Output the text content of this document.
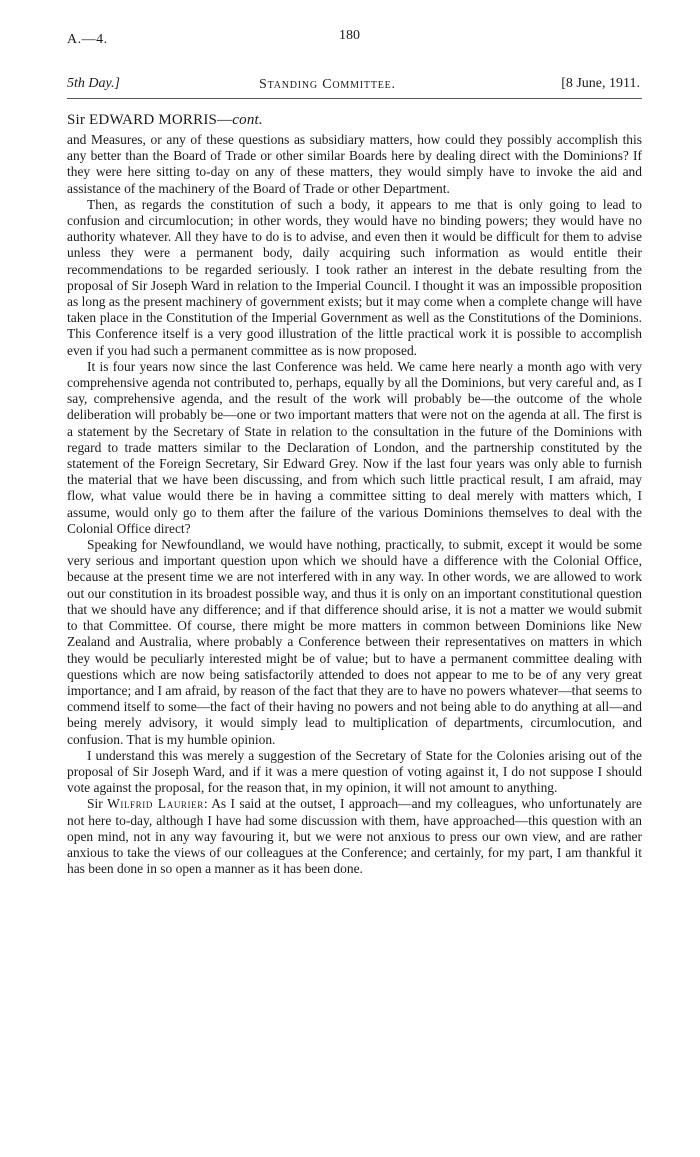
A.—4.	180
5th Day.]	Standing Committee.	[8 June, 1911.
Sir EDWARD MORRIS—cont.

and Measures, or any of these questions as subsidiary matters, how could they possibly accomplish this any better than the Board of Trade or other similar Boards here by dealing direct with the Dominions? If they were here sitting to-day on any of these matters, they would simply have to invoke the aid and assistance of the machinery of the Board of Trade or other Department.

Then, as regards the constitution of such a body, it appears to me that is only going to lead to confusion and circumlocution; in other words, they would have no binding powers; they would have no authority whatever. All they have to do is to advise, and even then it would be difficult for them to advise unless they were a permanent body, daily acquiring such information as would entitle their recommendations to be regarded seriously. I took rather an interest in the debate resulting from the proposal of Sir Joseph Ward in relation to the Imperial Council. I thought it was an impossible proposition as long as the present machinery of government exists; but it may come when a complete change will have taken place in the Constitution of the Imperial Government as well as the Constitutions of the Dominions. This Conference itself is a very good illustration of the little practical work it is possible to accomplish even if you had such a permanent committee as is now proposed.

It is four years now since the last Conference was held. We came here nearly a month ago with very comprehensive agenda not contributed to, perhaps, equally by all the Dominions, but very careful and, as I say, comprehensive agenda, and the result of the work will probably be—the outcome of the whole deliberation will probably be—one or two important matters that were not on the agenda at all. The first is a statement by the Secretary of State in relation to the consultation in the future of the Dominions with regard to trade matters similar to the Declaration of London, and the partnership constituted by the statement of the Foreign Secretary, Sir Edward Grey. Now if the last four years was only able to furnish the material that we have been discussing, and from which such little practical result, I am afraid, may flow, what value would there be in having a committee sitting to deal merely with matters which, I assume, would only go to them after the failure of the various Dominions themselves to deal with the Colonial Office direct?

Speaking for Newfoundland, we would have nothing, practically, to submit, except it would be some very serious and important question upon which we should have a difference with the Colonial Office, because at the present time we are not interfered with in any way. In other words, we are allowed to work out our constitution in its broadest possible way, and thus it is only on an important constitutional question that we should have any difference; and if that difference should arise, it is not a matter we would submit to that Committee. Of course, there might be more matters in common between Dominions like New Zealand and Australia, where probably a Conference between their representatives on matters in which they would be peculiarly interested might be of value; but to have a permanent committee dealing with questions which are now being satisfactorily attended to does not appear to me to be of any very great importance; and I am afraid, by reason of the fact that they are to have no powers whatever—that seems to commend itself to some—the fact of their having no powers and not being able to do anything at all—and being merely advisory, it would simply lead to multiplication of departments, circumlocution, and confusion. That is my humble opinion.

I understand this was merely a suggestion of the Secretary of State for the Colonies arising out of the proposal of Sir Joseph Ward, and if it was a mere question of voting against it, I do not suppose I should vote against the proposal, for the reason that, in my opinion, it will not amount to anything.

Sir Wilfrid Laurier: As I said at the outset, I approach—and my colleagues, who unfortunately are not here to-day, although I have had some discussion with them, have approached—this question with an open mind, not in any way favouring it, but we were not anxious to press our own view, and are rather anxious to take the views of our colleagues at the Conference; and certainly, for my part, I am thankful it has been done in so open a manner as it has been done.
